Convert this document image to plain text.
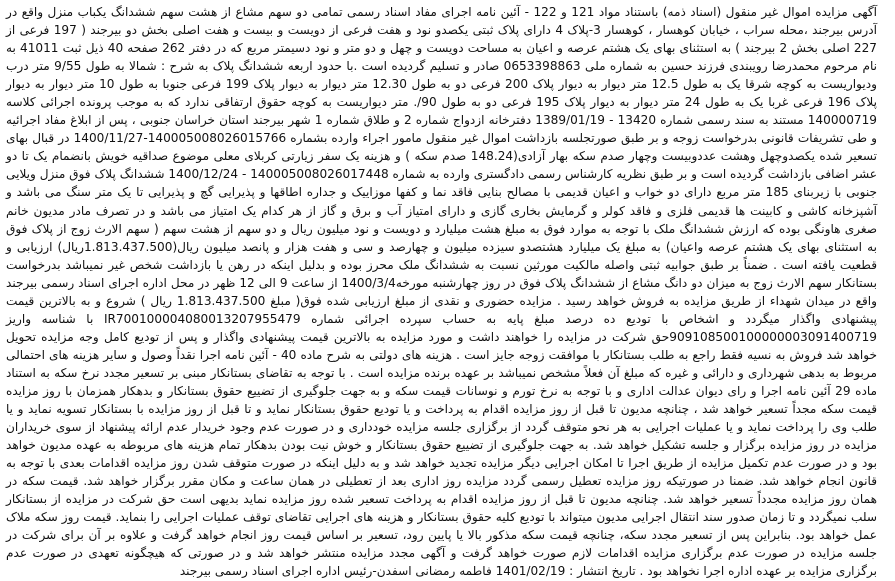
آگهی مزایده اموال غیر منقول (اسناد ذمه) باستناد مواد 121 و 122 - آئین نامه اجرای مفاد اسناد رسمی تمامی دو سهم مشاع از هشت سهم ششدانگ یکباب منزل واقع در آدرس بیرجند ،محله سراب ، خیابان کوهسار ، کوهسار 3-پلاک 4 دارای پلاک ثبتی یکصدو نود و هفت فرعی از دویست و بیست و هفت اصلی بخش دو بیرجند ( 197 فرعی از 227 اصلی بخش 2 بیرجند ) به استثنای بهای یک هشتم عرصه و اعیان به مساحت دویست و چهل و دو متر و نود دسیمتر مربع که در دفتر 262 صفحه 40 ذیل ثبت 41011 به نام مرحوم محمدرضا رویبندی فرزند حسین به شماره ملی 0653398863 صادر و تسلیم گردیده است .با حدود اربعه ششدانگ پلاک به شرح : شمالا به طول 9/55 متر درب ودیواریست به کوچه شرقا یک به طول 12.5 متر دیوار به دیوار پلاک 200 فرعی دو به طول 12.30 متر دیوار به دیوار پلاک 199 فرعی جنوبا به طول 10 متر دیوار به دیوار پلاک 196 فرعی غربا یک به طول 24 متر دیوار به دیوار پلاک 195 فرعی دو به طول 90/. متر دیواریست به کوچه حقوق ارتفاقی ندارد که به موجب پرونده اجرائی کلاسه 140000719 مستند به سند رسمی شماره 13420 - 1389/01/19 دفترخانه ازدواج شماره 2 و طلاق شماره 1 شهر بیرجند استان خراسان جنوبی ، پس از ابلاغ مفاد اجرائیه و طی تشریفات قانونی بدرخواست زوجه و بر طبق صورتجلسه بازداشت اموال غیر منقول مامور اجراء وارده بشماره 140005008026015766-1400/11/27 در قبال بهای تسعیر شده یکصدوچهل وهشت عددوبیست وچهار صدم سکه بهار آزادی(148.24 صدم سکه ) و هزینه یک سفر زیارتی کربلای معلی موضوع صداقیه خویش بانضمام یک تا دو عشر اضافی بازداشت گردیده است و بر طبق نظریه کارشناس رسمی دادگستری وارده به شماره 140005008026017448 - 1400/12/24 ششدانگ پلاک فوق منزل ویلایی جنوبی با زیربنای 185 متر مربع دارای دو خواب و اعیان قدیمی با مصالح بنایی فاقد نما و کفها موزاییک و جداره اطاقها و پذیرایی گچ و پذیرایی تا یک متر سنگ می باشد و آشپزخانه کاشی و کابینت ها قدیمی فلزی و فاقد کولر و گرمایش بخاری گازی و دارای امتیاز آب و برق و گاز از هر کدام یک امتیاز می باشد و در تصرف مادر مدیون خانم صغری هاونگی بوده که ارزش ششدانگ ملک با توجه به موارد فوق به مبلغ هشت میلیارد و دویست و نود میلیون ریال و دو سهم از هشت سهم ( سهم الارث زوج از پلاک فوق به استثنای بهای یک هشتم عرصه واعیان) به مبلغ یک میلیارد هشتصدو سیزده میلیون و چهارصد و سی و هفت هزار و پانصد میلیون ریال(1.813.437.500ریال) ارزیابی و قطعیت یافته است . ضمناً بر طبق جوابیه ثبتی واصله مالکیت مورثین نسبت به ششدانگ ملک محرز بوده و بدلیل اینکه در رهن یا بازداشت شخص غیر نمیباشد بدرخواست بستانکار سهم الارث زوج به میزان دو دانگ مشاع از ششدانگ پلاک فوق در روز چهارشنبه مورخه1400/3/4 از ساعت 9 الی 12 ظهر در محل اداره اجرای اسناد رسمی بیرجند واقع در میدان شهداء از طریق مزایده به فروش خواهد رسید . مزایده حضوری و نقدی از مبلغ ارزیابی شده فوق( مبلغ 1.813.437.500 ریال ) شروع و به بالاترین قیمت پیشنهادی واگذار میگردد و اشخاص با تودیع ده درصد مبلغ پایه به حساب سپرده اجرائی شماره IR700100004080013207955479 با شناسه واریز 909108500100000003091400719حق شرکت در مزایده را خواهند داشت و مورد مزایده به بالاترین قیمت پیشنهادی واگذار و پس از تودیع کامل وجه مزایده تحویل خواهد شد فروش به نسیه فقط راجع به طلب بستانکار با موافقت زوجه جایز است . هزینه های دولتی به شرح ماده 40 - آئین نامه اجرا نقداً وصول و سایر هزینه های احتمالی مربوط به بدهی شهرداری و دارائی و غیره که مبلغ آن فعلاً مشخص نمیباشد بر عهده برنده مزایده است . با توجه به تقاضای بستانکار مبنی بر تسعیر مجدد نرخ سکه به استناد ماده 29 آئین نامه اجرا و رای دیوان عدالت اداری و با توجه به نرخ تورم و نوسانات قیمت سکه و به جهت جلوگیری از تضییع حقوق بستانکار و بدهکار همزمان با روز مزایده قیمت سکه مجداً تسعیر خواهد شد ، چنانچه مدیون تا قبل از روز مزایده اقدام به پرداخت و یا تودیع حقوق بستانکار نماید و تا قبل از روز مزایده با بستانکار تسویه نماید و یا طلب وی را پرداخت نماید و یا عملیات اجرایی به هر نحو متوقف گردد از برگزاری جلسه مزایده خودداری و در صورت عدم وجود خریدار عدم ارائه پیشنهاد از سوی خریداران مزایده در روز مزایده برگزار و جلسه تشکیل خواهد شد. به جهت جلوگیری از تضییع حقوق بستانکار و خوش نیت بودن بدهکار تمام هزینه های مربوطه به عهده مدیون خواهد بود و در صورت عدم تکمیل مزایده از طریق اجرا تا امکان اجرایی دیگر مزایده تجدید خواهد شد و به دلیل اینکه در صورت متوقف شدن روز مزایده اقدامات بعدی با توجه به قانون انجام خواهد شد. ضمنا در صورتیکه روز مزایده تعطیل رسمی گردد مزایده روز اداری بعد از تعطیلی در همان ساعت و مکان مقرر برگزار خواهد شد. قیمت سکه در همان روز مزایده مجدداً تسعیر خواهد شد. چنانچه مدیون تا قبل از روز مزایده اقدام به پرداخت تسعیر شده روز مزایده نماید بدیهی است حق شرکت در مزایده از بستانکار سلب نمیگردد و تا زمان صدور سند انتقال اجرایی مدیون میتواند با تودیع کلیه حقوق بستانکار و هزینه های اجرایی تقاضای توقف عملیات اجرایی را بنماید. قیمت روز سکه ملاک عمل خواهد بود. بنابراین پس از تسعیر مجدد سکه، چنانچه قیمت سکه مذکور بالا یا پایین رود، تسعیر بر اساس قیمت روز انجام خواهد گرفت و علاوه بر آن برای شرکت در جلسه مزایده در صورت عدم برگزاری مزایده اقدامات لازم صورت خواهد گرفت و آگهی مجدد مزایده منتشر خواهد شد و در صورتی که هیچگونه تعهدی در صورت عدم برگزاری مزایده بر عهده اداره اجرا نخواهد بود . تاریخ انتشار : 1401/02/19 فاطمه رمضانی اسفدن-رئیس اداره اجرای اسناد رسمی بیرجند
